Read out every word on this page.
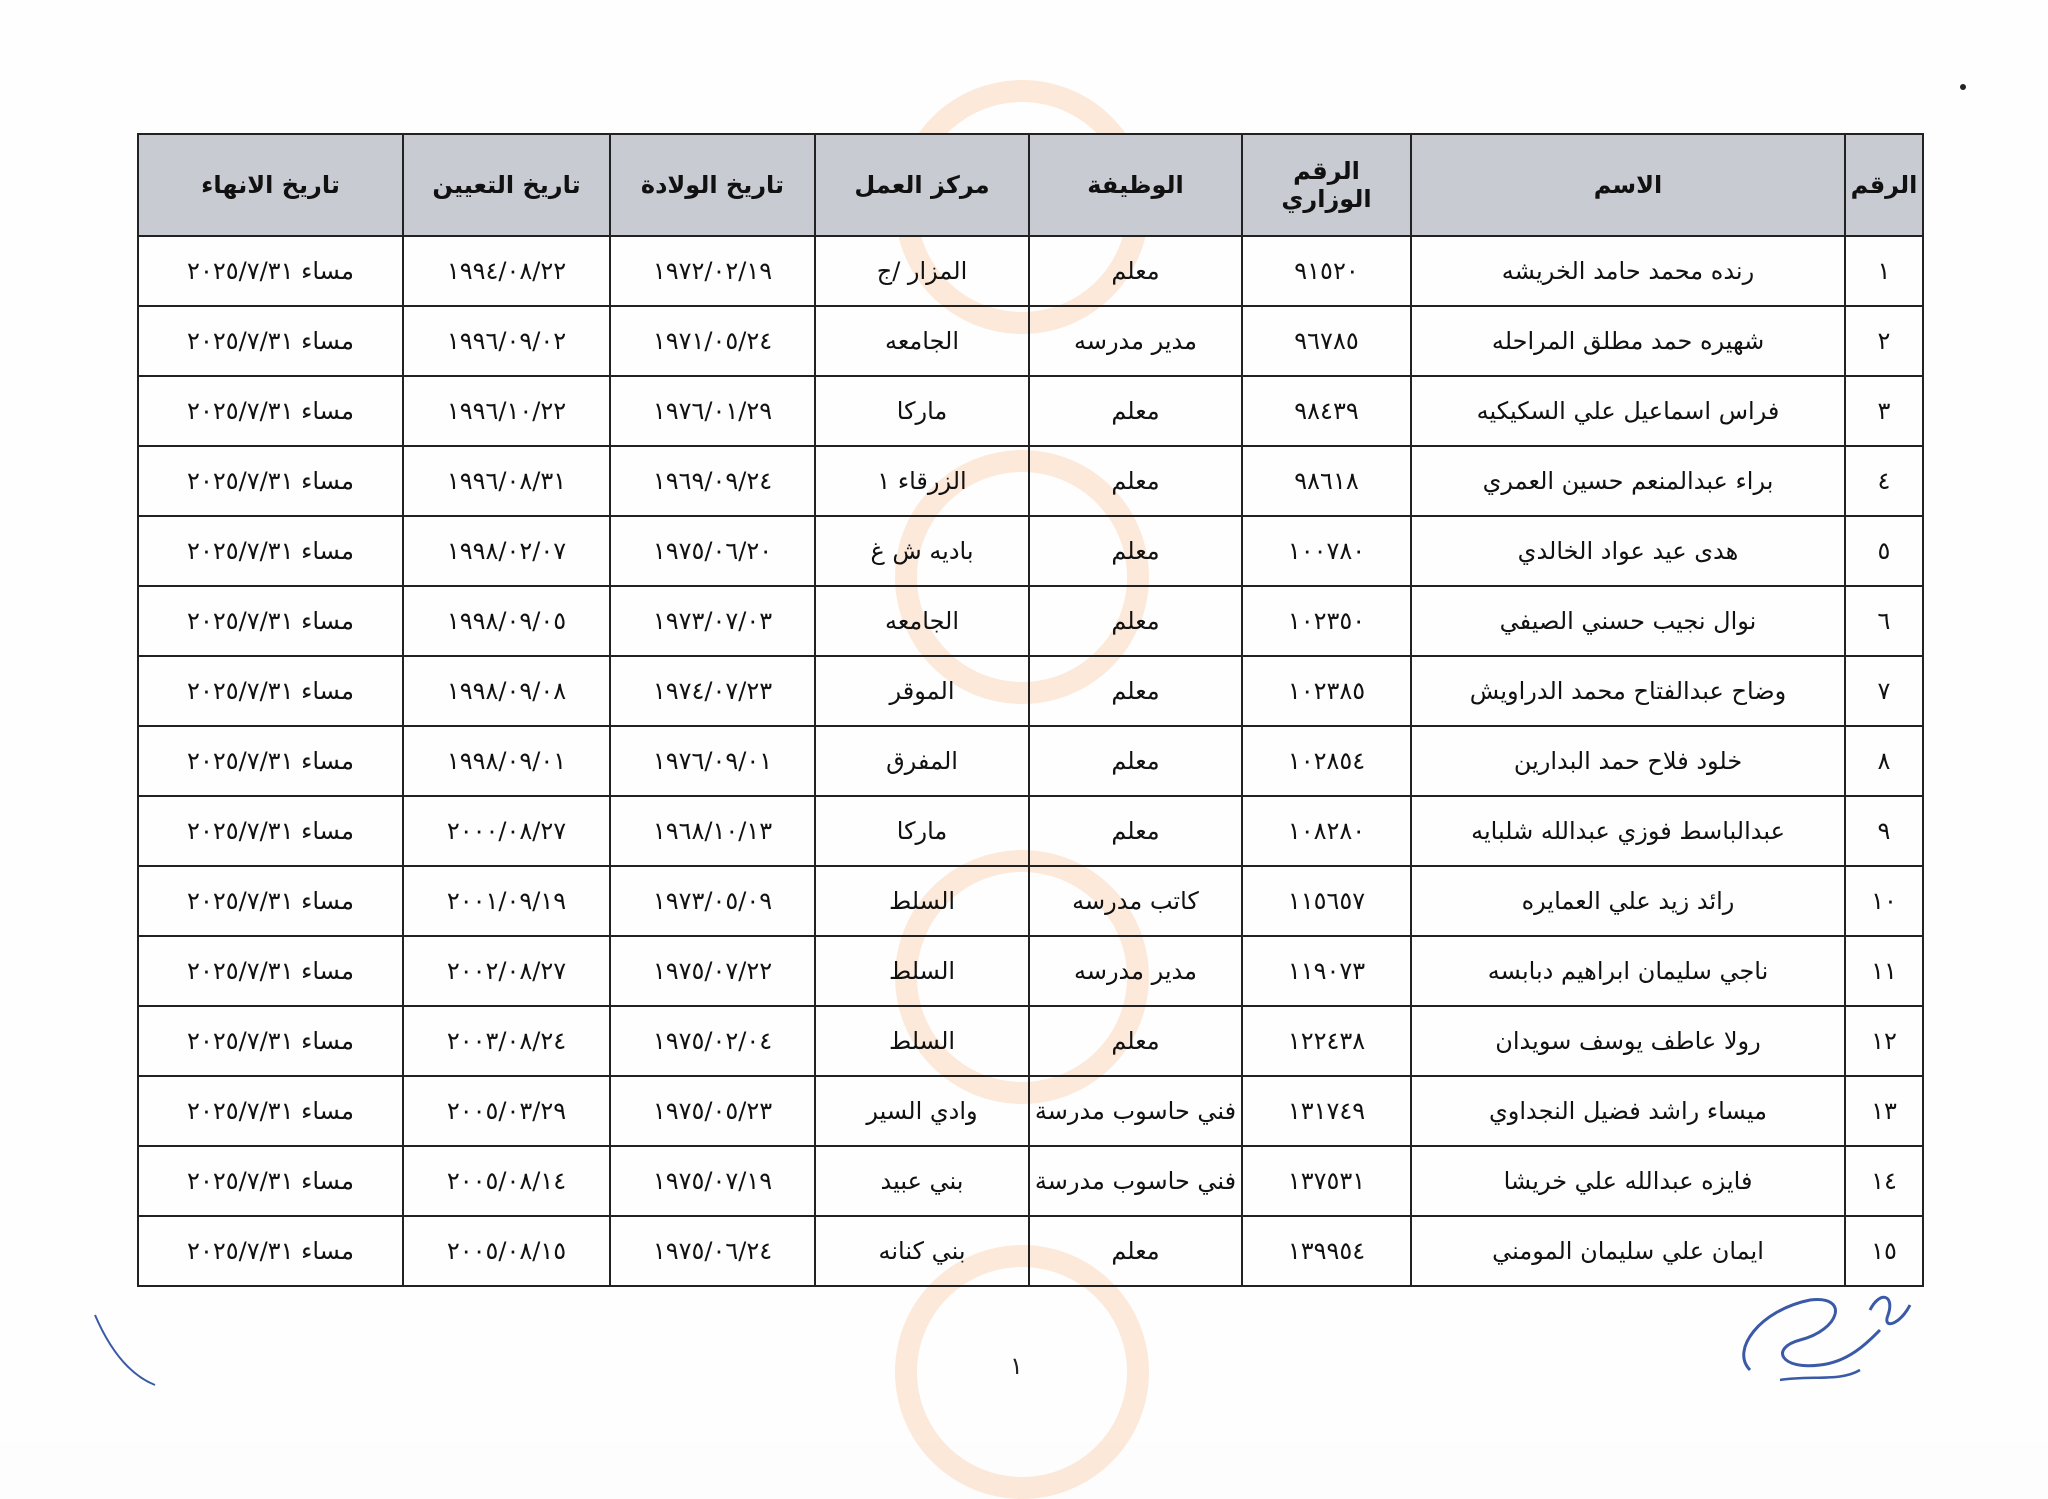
الرقم	الاسم	الرقم الوزاري	الوظيفة	مركز العمل	تاريخ الولادة	تاريخ التعيين	تاريخ الانهاء
١	رنده محمد حامد الخريشه	٩١٥٢٠	معلم	المزار /ج	١٩٧٢/٠٢/١٩	١٩٩٤/٠٨/٢٢	مساء ٢٠٢٥/٧/٣١
٢	شهيره حمد مطلق المراحله	٩٦٧٨٥	مدير مدرسه	الجامعه	١٩٧١/٠٥/٢٤	١٩٩٦/٠٩/٠٢	مساء ٢٠٢٥/٧/٣١
٣	فراس اسماعيل علي السكيكيه	٩٨٤٣٩	معلم	ماركا	١٩٧٦/٠١/٢٩	١٩٩٦/١٠/٢٢	مساء ٢٠٢٥/٧/٣١
٤	براء عبدالمنعم حسين العمري	٩٨٦١٨	معلم	الزرقاء ١	١٩٦٩/٠٩/٢٤	١٩٩٦/٠٨/٣١	مساء ٢٠٢٥/٧/٣١
٥	هدى عيد عواد الخالدي	١٠٠٧٨٠	معلم	باديه ش غ	١٩٧٥/٠٦/٢٠	١٩٩٨/٠٢/٠٧	مساء ٢٠٢٥/٧/٣١
٦	نوال نجيب حسني الصيفي	١٠٢٣٥٠	معلم	الجامعه	١٩٧٣/٠٧/٠٣	١٩٩٨/٠٩/٠٥	مساء ٢٠٢٥/٧/٣١
٧	وضاح عبدالفتاح محمد الدراويش	١٠٢٣٨٥	معلم	الموقر	١٩٧٤/٠٧/٢٣	١٩٩٨/٠٩/٠٨	مساء ٢٠٢٥/٧/٣١
٨	خلود فلاح حمد البدارين	١٠٢٨٥٤	معلم	المفرق	١٩٧٦/٠٩/٠١	١٩٩٨/٠٩/٠١	مساء ٢٠٢٥/٧/٣١
٩	عبدالباسط فوزي عبدالله شلبايه	١٠٨٢٨٠	معلم	ماركا	١٩٦٨/١٠/١٣	٢٠٠٠/٠٨/٢٧	مساء ٢٠٢٥/٧/٣١
١٠	رائد زيد علي العمايره	١١٥٦٥٧	كاتب مدرسه	السلط	١٩٧٣/٠٥/٠٩	٢٠٠١/٠٩/١٩	مساء ٢٠٢٥/٧/٣١
١١	ناجي سليمان ابراهيم دبابسه	١١٩٠٧٣	مدير مدرسه	السلط	١٩٧٥/٠٧/٢٢	٢٠٠٢/٠٨/٢٧	مساء ٢٠٢٥/٧/٣١
١٢	رولا عاطف يوسف سويدان	١٢٢٤٣٨	معلم	السلط	١٩٧٥/٠٢/٠٤	٢٠٠٣/٠٨/٢٤	مساء ٢٠٢٥/٧/٣١
١٣	ميساء راشد فضيل النجداوي	١٣١٧٤٩	فني حاسوب مدرسة	وادي السير	١٩٧٥/٠٥/٢٣	٢٠٠٥/٠٣/٢٩	مساء ٢٠٢٥/٧/٣١
١٤	فايزه عبدالله علي خريشا	١٣٧٥٣١	فني حاسوب مدرسة	بني عبيد	١٩٧٥/٠٧/١٩	٢٠٠٥/٠٨/١٤	مساء ٢٠٢٥/٧/٣١
١٥	ايمان علي سليمان المومني	١٣٩٩٥٤	معلم	بني كنانه	١٩٧٥/٠٦/٢٤	٢٠٠٥/٠٨/١٥	مساء ٢٠٢٥/٧/٣١
١
